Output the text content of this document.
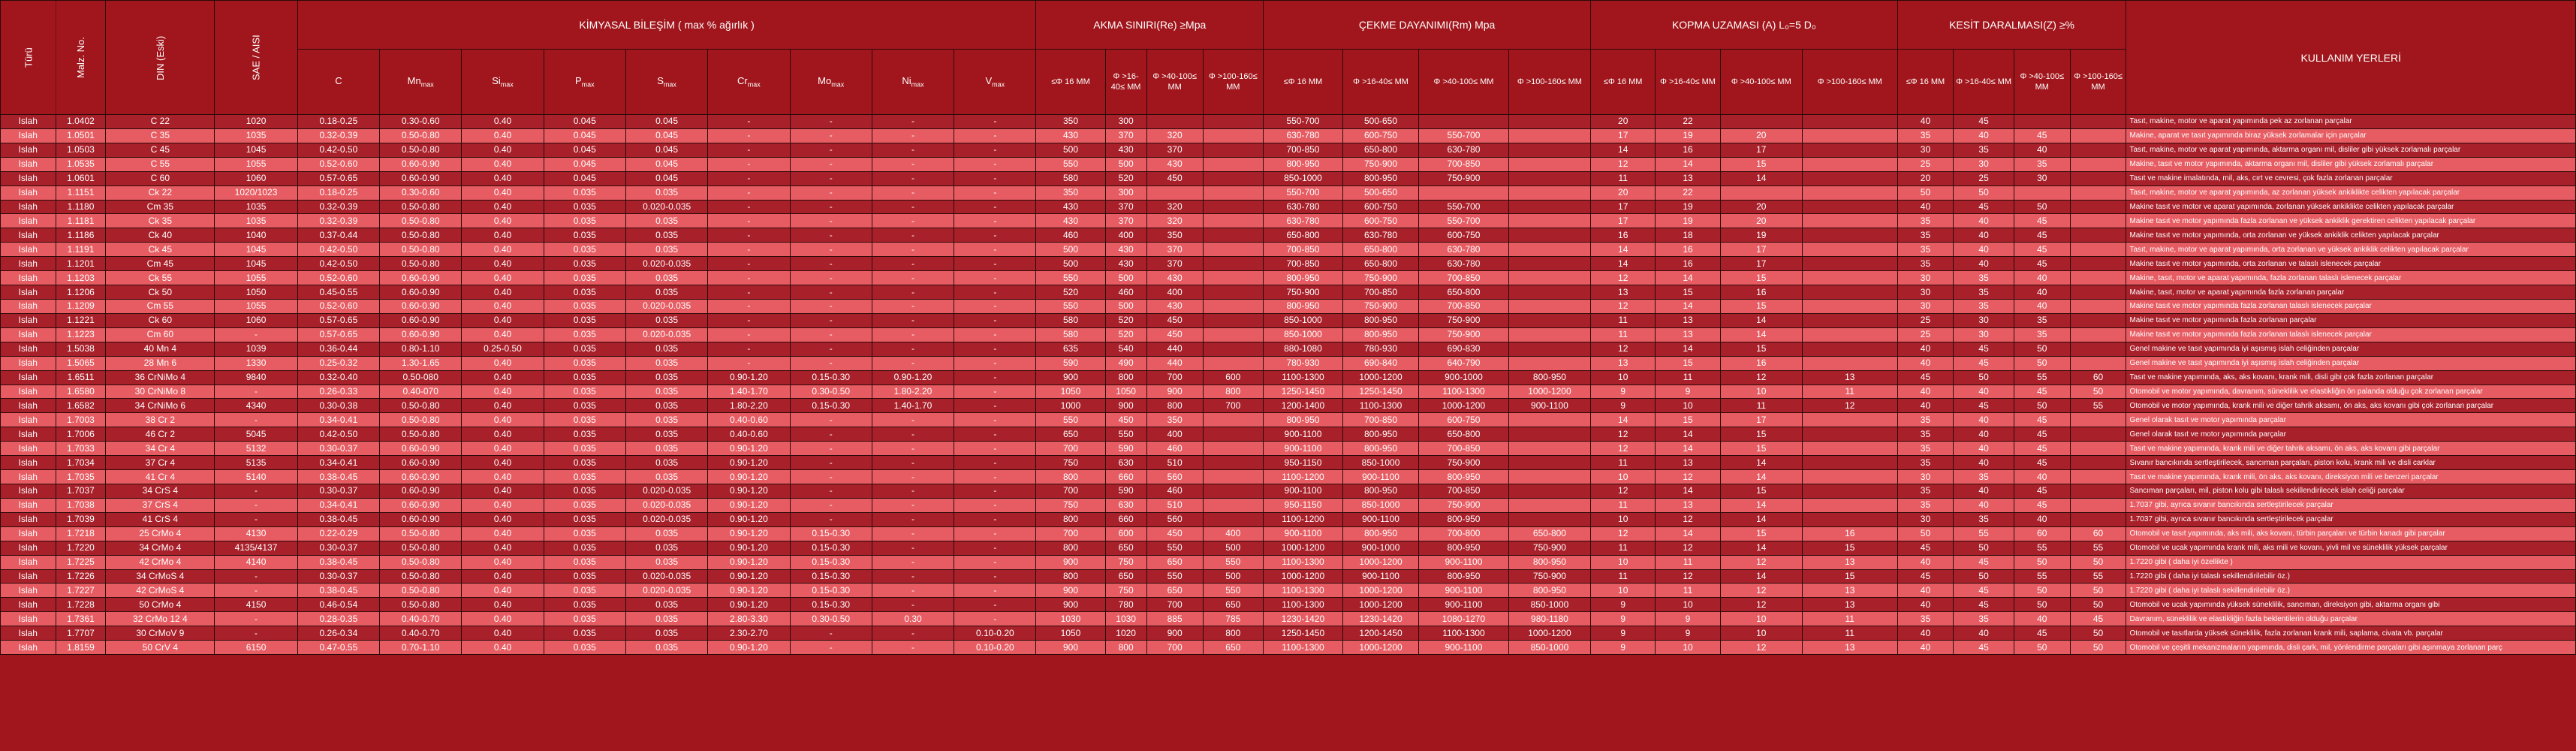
Türü	Malz. No.	DIN (Eski)	SAE / AISI	KİMYASAL BİLEŞİM ( max % ağırlık )									AKMA SINIRI(Re) ≥Mpa				ÇEKME DAYANIMI(Rm) Mpa				KOPMA UZAMASI (A) L₀=5 D₀				KESİT DARALMASI(Z) ≥%				KULLANIM YERLERİ
				C	$Mn_{max}$	$Si_{max}$	$P_{max}$	$S_{max}$	$Cr_{max}$	$Mo_{max}$	$Ni_{max}$	$V_{max}$	≤Φ 16 MM	Φ >16-40≤ MM	Φ >40-100≤ MM	Φ >100-160≤ MM	≤Φ 16 MM	Φ >16-40≤ MM	Φ >40-100≤ MM	Φ >100-160≤ MM	≤Φ 16 MM	Φ >16-40≤ MM	Φ >40-100≤ MM	Φ >100-160≤ MM	≤Φ 16 MM	Φ >16-40≤ MM	Φ >40-100≤ MM	Φ >100-160≤ MM	
Islah	1.0402	C 22	1020	0.18-0.25	0.30-0.60	0.40	0.045	0.045	-	-	-	-	350	300			550-700	500-650			20	22			40	45			Tasıt, makine, motor ve aparat yapımında pek az zorlanan parçalar
Islah	1.0501	C 35	1035	0.32-0.39	0.50-0.80	0.40	0.045	0.045	-	-	-	-	430	370	320		630-780	600-750	550-700		17	19	20		35	40	45		Makine, aparat ve tasıt yapımında biraz yüksek zorlamalar için parçalar
Islah	1.0503	C 45	1045	0.42-0.50	0.50-0.80	0.40	0.045	0.045	-	-	-	-	500	430	370		700-850	650-800	630-780		14	16	17		30	35	40		Tasıt, makine, motor ve aparat yapımında, aktarma organı mil, disliler gibi yüksek zorlamalı parçalar
Islah	1.0535	C 55	1055	0.52-0.60	0.60-0.90	0.40	0.045	0.045	-	-	-	-	550	500	430		800-950	750-900	700-850		12	14	15		25	30	35		Makine, tasıt ve motor yapımında, aktarma organı mil, disliler gibi yüksek zorlamalı parçalar
Islah	1.0601	C 60	1060	0.57-0.65	0.60-0.90	0.40	0.045	0.045	-	-	-	-	580	520	450		850-1000	800-950	750-900		11	13	14		20	25	30		Tasıt ve makine imalatında, mil, aks, cırt ve cevresi, çok fazla zorlanan parçalar
Islah	1.1151	Ck 22	1020/1023	0.18-0.25	0.30-0.60	0.40	0.035	0.035	-	-	-	-	350	300			550-700	500-650			20	22			50	50			Tasıt, makine, motor ve aparat yapımında, az zorlanan yüksek ankiklikte celikten yapılacak parçalar
Islah	1.1180	Cm 35	1035	0.32-0.39	0.50-0.80	0.40	0.035	0.020-0.035	-	-	-	-	430	370	320		630-780	600-750	550-700		17	19	20		40	45	50		Makine tasıt ve motor ve aparat yapımında, zorlanan yüksek ankiklikte celikten yapılacak parçalar
Islah	1.1181	Ck 35	1035	0.32-0.39	0.50-0.80	0.40	0.035	0.035	-	-	-	-	430	370	320		630-780	600-750	550-700		17	19	20		35	40	45		Makine tasıt ve motor yapımında fazla zorlanan ve yüksek ankiklik gerektiren celikten yapılacak parçalar
Islah	1.1186	Ck 40	1040	0.37-0.44	0.50-0.80	0.40	0.035	0.035	-	-	-	-	460	400	350		650-800	630-780	600-750		16	18	19		35	40	45		Makine tasıt ve motor yapımında, orta zorlanan ve yüksek ankiklik celikten yapılacak parçalar
Islah	1.1191	Ck 45	1045	0.42-0.50	0.50-0.80	0.40	0.035	0.035	-	-	-	-	500	430	370		700-850	650-800	630-780		14	16	17		35	40	45		Tasıt, makine, motor ve aparat yapımında, orta zorlanan ve yüksek ankiklik celikten yapılacak parçalar
Islah	1.1201	Cm 45	1045	0.42-0.50	0.50-0.80	0.40	0.035	0.020-0.035	-	-	-	-	500	430	370		700-850	650-800	630-780		14	16	17		35	40	45		Makine tasıt ve motor yapımında, orta zorlanan ve talaslı islenecek parçalar
Islah	1.1203	Ck 55	1055	0.52-0.60	0.60-0.90	0.40	0.035	0.035	-	-	-	-	550	500	430		800-950	750-900	700-850		12	14	15		30	35	40		Makine, tasıt, motor ve aparat yapımında, fazla zorlanan talaslı islenecek parçalar
Islah	1.1206	Ck 50	1050	0.45-0.55	0.60-0.90	0.40	0.035	0.035	-	-	-	-	520	460	400		750-900	700-850	650-800		13	15	16		30	35	40		Makine, tasıt, motor ve aparat yapımında fazla zorlanan parçalar
Islah	1.1209	Cm 55	1055	0.52-0.60	0.60-0.90	0.40	0.035	0.020-0.035	-	-	-	-	550	500	430		800-950	750-900	700-850		12	14	15		30	35	40		Makine tasıt ve motor yapımında fazla zorlanan talaslı islenecek parçalar
Islah	1.1221	Ck 60	1060	0.57-0.65	0.60-0.90	0.40	0.035	0.035	-	-	-	-	580	520	450		850-1000	800-950	750-900		11	13	14		25	30	35		Makine tasıt ve motor yapımında fazla zorlanan parçalar
Islah	1.1223	Cm 60	-	0.57-0.65	0.60-0.90	0.40	0.035	0.020-0.035	-	-	-	-	580	520	450		850-1000	800-950	750-900		11	13	14		25	30	35		Makine tasıt ve motor yapımında fazla zorlanan talaslı islenecek parçalar
Islah	1.5038	40 Mn 4	1039	0.36-0.44	0.80-1.10	0.25-0.50	0.035	0.035	-	-	-	-	635	540	440		880-1080	780-930	690-830		12	14	15		40	45	50		Genel makine ve tasıt yapımında iyi aşısmış islah celiğinden parçalar
Islah	1.5065	28 Mn 6	1330	0.25-0.32	1.30-1.65	0.40	0.035	0.035	-	-	-	-	590	490	440		780-930	690-840	640-790		13	15	16		40	45	50		Genel makine ve tasıt yapımında iyi aşısmış islah celiğinden parçalar
Islah	1.6511	36 CrNiMo 4	9840	0.32-0.40	0.50-080	0.40	0.035	0.035	0.90-1.20	0.15-0.30	0.90-1.20	-	900	800	700	600	1100-1300	1000-1200	900-1000	800-950	10	11	12	13	45	50	55	60	Tasıt ve makine yapımında, aks, aks kovanı, krank mili, disli gibi çok fazla zorlanan parçalar
Islah	1.6580	30 CrNiMo 8	-	0.26-0.33	0.40-070	0.40	0.035	0.035	1.40-1.70	0.30-0.50	1.80-2.20	-	1050	1050	900	800	1250-1450	1250-1450	1100-1300	1000-1200	9	9	10	11	40	40	45	50	Otomobil ve motor yapımında, davranım, süneklilik ve elastikliğin ön palanda olduğu çok zorlanan parçalar
Islah	1.6582	34 CrNiMo 6	4340	0.30-0.38	0.50-0.80	0.40	0.035	0.035	1.80-2.20	0.15-0.30	1.40-1.70	-	1000	900	800	700	1200-1400	1100-1300	1000-1200	900-1100	9	10	11	12	40	45	50	55	Otomobil ve motor yapımında, krank mili ve diğer tahrik aksamı, ön aks, aks kovanı gibi çok zorlanan parçalar
Islah	1.7003	38 Cr 2	-	0.34-0.41	0.50-0.80	0.40	0.035	0.035	0.40-0.60	-	-	-	550	450	350		800-950	700-850	600-750		14	15	17		35	40	45		Genel olarak tasıt ve motor yapımında parçalar
Islah	1.7006	46 Cr 2	5045	0.42-0.50	0.50-0.80	0.40	0.035	0.035	0.40-0.60	-	-	-	650	550	400		900-1100	800-950	650-800		12	14	15		35	40	45		Genel olarak tasıt ve motor yapımında parçalar
Islah	1.7033	34 Cr 4	5132	0.30-0.37	0.60-0.90	0.40	0.035	0.035	0.90-1.20	-	-	-	700	590	460		900-1100	800-950	700-850		12	14	15		35	40	45		Tasıt ve makine yapımında, krank mili ve diğer tahrik aksamı, ön aks, aks kovanı gibi parçalar
Islah	1.7034	37 Cr 4	5135	0.34-0.41	0.60-0.90	0.40	0.035	0.035	0.90-1.20	-	-	-	750	630	510		950-1150	850-1000	750-900		11	13	14		35	40	45		Sıvanır bancıkında sertleştirilecek, sancıman parçaları, piston kolu, krank mili ve disli carklar
Islah	1.7035	41 Cr 4	5140	0.38-0.45	0.60-0.90	0.40	0.035	0.035	0.90-1.20	-	-	-	800	660	560		1100-1200	900-1100	800-950		10	12	14		30	35	40		Tasıt ve makine yapımında, krank mili, ön aks, aks kovanı, direksiyon mili ve benzeri parçalar
Islah	1.7037	34 CrS 4	-	0.30-0.37	0.60-0.90	0.40	0.035	0.020-0.035	0.90-1.20	-	-	-	700	590	460		900-1100	800-950	700-850		12	14	15		35	40	45		Sancıman parçaları, mil, piston kolu gibi talaslı sekillendirilecek islah celiği parçalar
Islah	1.7038	37 CrS 4	-	0.34-0.41	0.60-0.90	0.40	0.035	0.020-0.035	0.90-1.20	-	-	-	750	630	510		950-1150	850-1000	750-900		11	13	14		35	40	45		1.7037 gibi, ayrıca sıvanır bancıkında sertleştirilecek parçalar
Islah	1.7039	41 CrS 4	-	0.38-0.45	0.60-0.90	0.40	0.035	0.020-0.035	0.90-1.20	-	-	-	800	660	560		1100-1200	900-1100	800-950		10	12	14		30	35	40		1.7037 gibi, ayrıca sıvanır bancıkında sertleştirilecek parçalar
Islah	1.7218	25 CrMo 4	4130	0.22-0.29	0.50-0.80	0.40	0.035	0.035	0.90-1.20	0.15-0.30	-	-	700	600	450	400	900-1100	800-950	700-800	650-800	12	14	15	16	50	55	60	60	Otomobil ve tasıt yapımında, aks mili, aks kovanı, türbin parçaları ve türbin kanadı gibi parçalar
Islah	1.7220	34 CrMo 4	4135/4137	0.30-0.37	0.50-0.80	0.40	0.035	0.035	0.90-1.20	0.15-0.30	-	-	800	650	550	500	1000-1200	900-1000	800-950	750-900	11	12	14	15	45	50	55	55	Otomobil ve ucak yapımında krank mili, aks mili ve kovanı, yivli mil ve süneklilik yüksek parçalar
Islah	1.7225	42 CrMo 4	4140	0.38-0.45	0.50-0.80	0.40	0.035	0.035	0.90-1.20	0.15-0.30	-	-	900	750	650	550	1100-1300	1000-1200	900-1100	800-950	10	11	12	13	40	45	50	50	1.7220 gibi ( daha iyi özellikte )
Islah	1.7226	34 CrMoS 4	-	0.30-0.37	0.50-0.80	0.40	0.035	0.020-0.035	0.90-1.20	0.15-0.30	-	-	800	650	550	500	1000-1200	900-1100	800-950	750-900	11	12	14	15	45	50	55	55	1.7220 gibi ( daha iyi talaslı sekillendirilebilir öz.)
Islah	1.7227	42 CrMoS 4	-	0.38-0.45	0.50-0.80	0.40	0.035	0.020-0.035	0.90-1.20	0.15-0.30	-	-	900	750	650	550	1100-1300	1000-1200	900-1100	800-950	10	11	12	13	40	45	50	50	1.7220 gibi ( daha iyi talaslı sekillendirilebilir öz.)
Islah	1.7228	50 CrMo 4	4150	0.46-0.54	0.50-0.80	0.40	0.035	0.035	0.90-1.20	0.15-0.30	-	-	900	780	700	650	1100-1300	1000-1200	900-1100	850-1000	9	10	12	13	40	45	50	50	Otomobil ve ucak yapımında yüksek süneklilik, sancıman, direksiyon gibi, aktarma organı gibi
Islah	1.7361	32 CrMo 12 4	-	0.28-0.35	0.40-0.70	0.40	0.035	0.035	2.80-3.30	0.30-0.50	0.30	-	1030	1030	885	785	1230-1420	1230-1420	1080-1270	980-1180	9	9	10	11	35	35	40	45	Davranım, süneklilik ve elastikliğin fazla beklentilerin olduğu parçalar
Islah	1.7707	30 CrMoV 9	-	0.26-0.34	0.40-0.70	0.40	0.035	0.035	2.30-2.70	-	-	0.10-0.20	1050	1020	900	800	1250-1450	1200-1450	1100-1300	1000-1200	9	9	10	11	40	40	45	50	Otomobil ve tasıtlarda yüksek süneklilik, fazla zorlanan krank mili, saplama, civata vb. parçalar
Islah	1.8159	50 CrV 4	6150	0.47-0.55	0.70-1.10	0.40	0.035	0.035	0.90-1.20	-	-	0.10-0.20	900	800	700	650	1100-1300	1000-1200	900-1100	850-1000	9	10	12	13	40	45	50	50	Otomobil ve çeşitli mekanizmaların yapımında, disli çark, mil, yönlendirme parçaları gibi aşınmaya zorlanan parç
